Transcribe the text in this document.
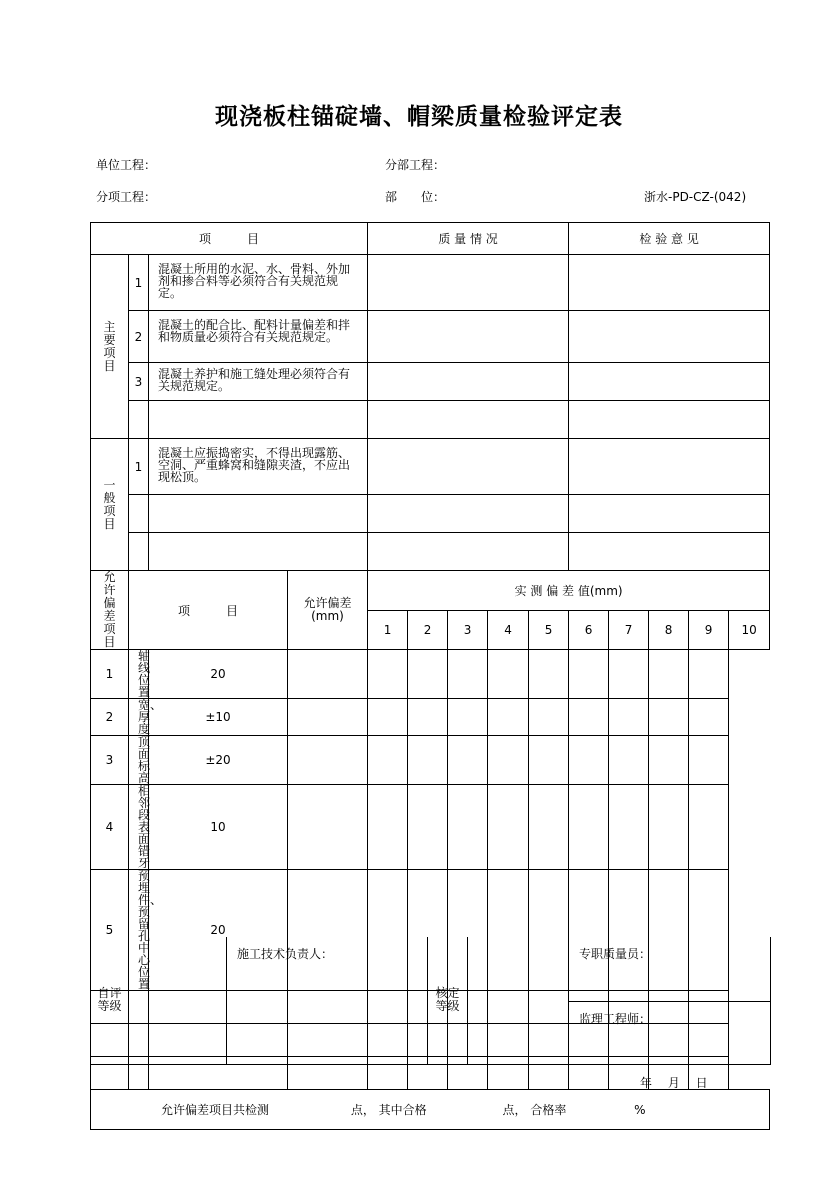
现浇板柱锚碇墙、帽梁质量检验评定表
单位工程：	分部工程：
分项工程：	部　　位：	浙水-PD-CZ-(042)
项　　　目				质 量 情 况					检 验 意 见				
主要项目	1	混凝土所用的水泥、水、骨料、外加剂和掺合料等必须符合有关规范规定。											
	2	混凝土的配合比、配料计量偏差和拌和物质量必须符合有关规范规定。											
	3	混凝土养护和施工缝处理必须符合有关规范规定。											

一般项目	1	混凝土应振捣密实，不得出现露筋、空洞、严重蜂窝和缝隙夹渣，不应出现松顶。											

允许偏差项目	项　　　目		允许偏差(mm)	实 测 偏 差 值(mm)									
				1	2	3	4	5	6	7	8	9	10
1	轴线位置	20											
2	宽、厚度	±10											
3	顶面标高	±20											
4	相邻段表面错牙	10											
5	预埋件、预留孔中心位置	20											

允许偏差项目共检测 点， 其中合格 点， 合格率 %													
自评等级		施工技术负责人：	核定等级		专职质量员：
监理工程师：
年　 月　 日
